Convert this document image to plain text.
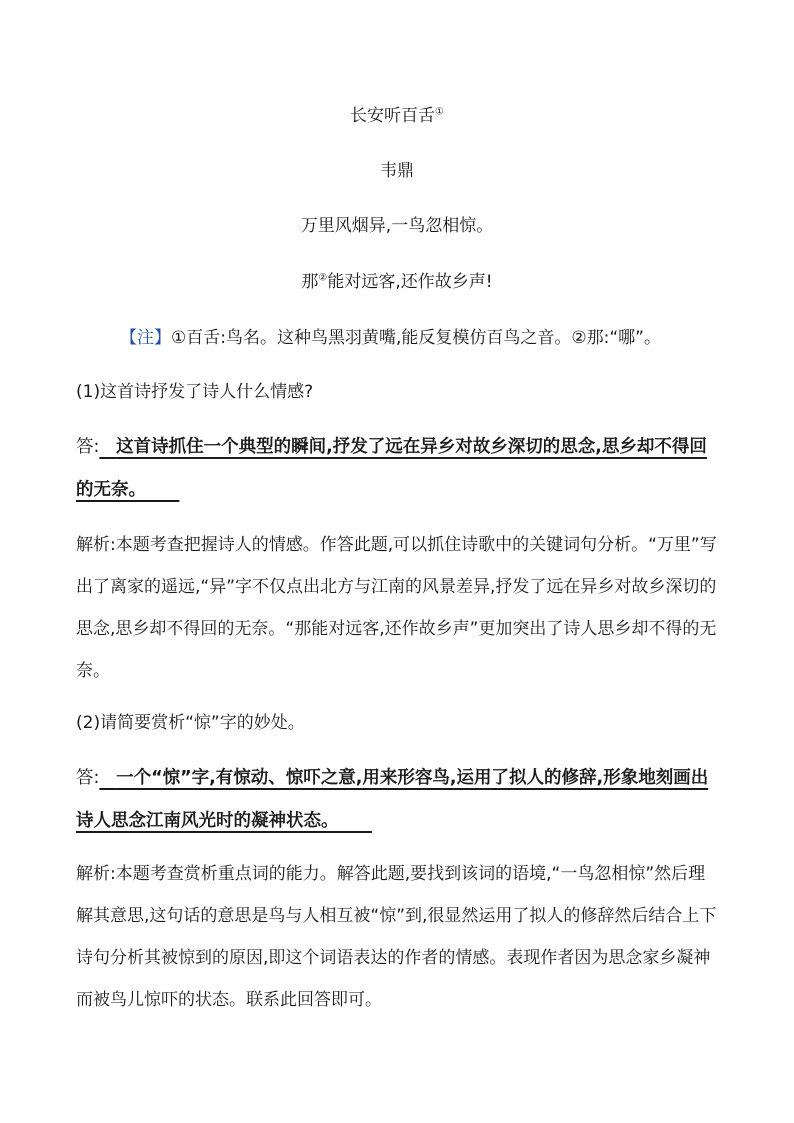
长安听百舌①
韦鼎
万里风烟异,一鸟忽相惊。
那②能对远客,还作故乡声!
【注】①百舌:鸟名。这种鸟黑羽黄嘴,能反复模仿百鸟之音。②那:“哪”。
(1)这首诗抒发了诗人什么情感?
答: 这首诗抓住一个典型的瞬间,抒发了远在异乡对故乡深切的思念,思乡却不得回的无奈。
解析:本题考查把握诗人的情感。作答此题,可以抓住诗歌中的关键词句分析。“万里”写出了离家的遥远,“异”字不仅点出北方与江南的风景差异,抒发了远在异乡对故乡深切的思念,思乡却不得回的无奈。“那能对远客,还作故乡声”更加突出了诗人思乡却不得的无奈。
(2)请简要赏析“惊”字的妙处。
答: 一个“惊”字,有惊动、惊吓之意,用来形容鸟,运用了拟人的修辞,形象地刻画出诗人思念江南风光时的凝神状态。
解析:本题考查赏析重点词的能力。解答此题,要找到该词的语境,“一鸟忽相惊”然后理解其意思,这句话的意思是鸟与人相互被“惊”到,很显然运用了拟人的修辞然后结合上下诗句分析其被惊到的原因,即这个词语表达的作者的情感。表现作者因为思念家乡凝神而被鸟儿惊吓的状态。联系此回答即可。
